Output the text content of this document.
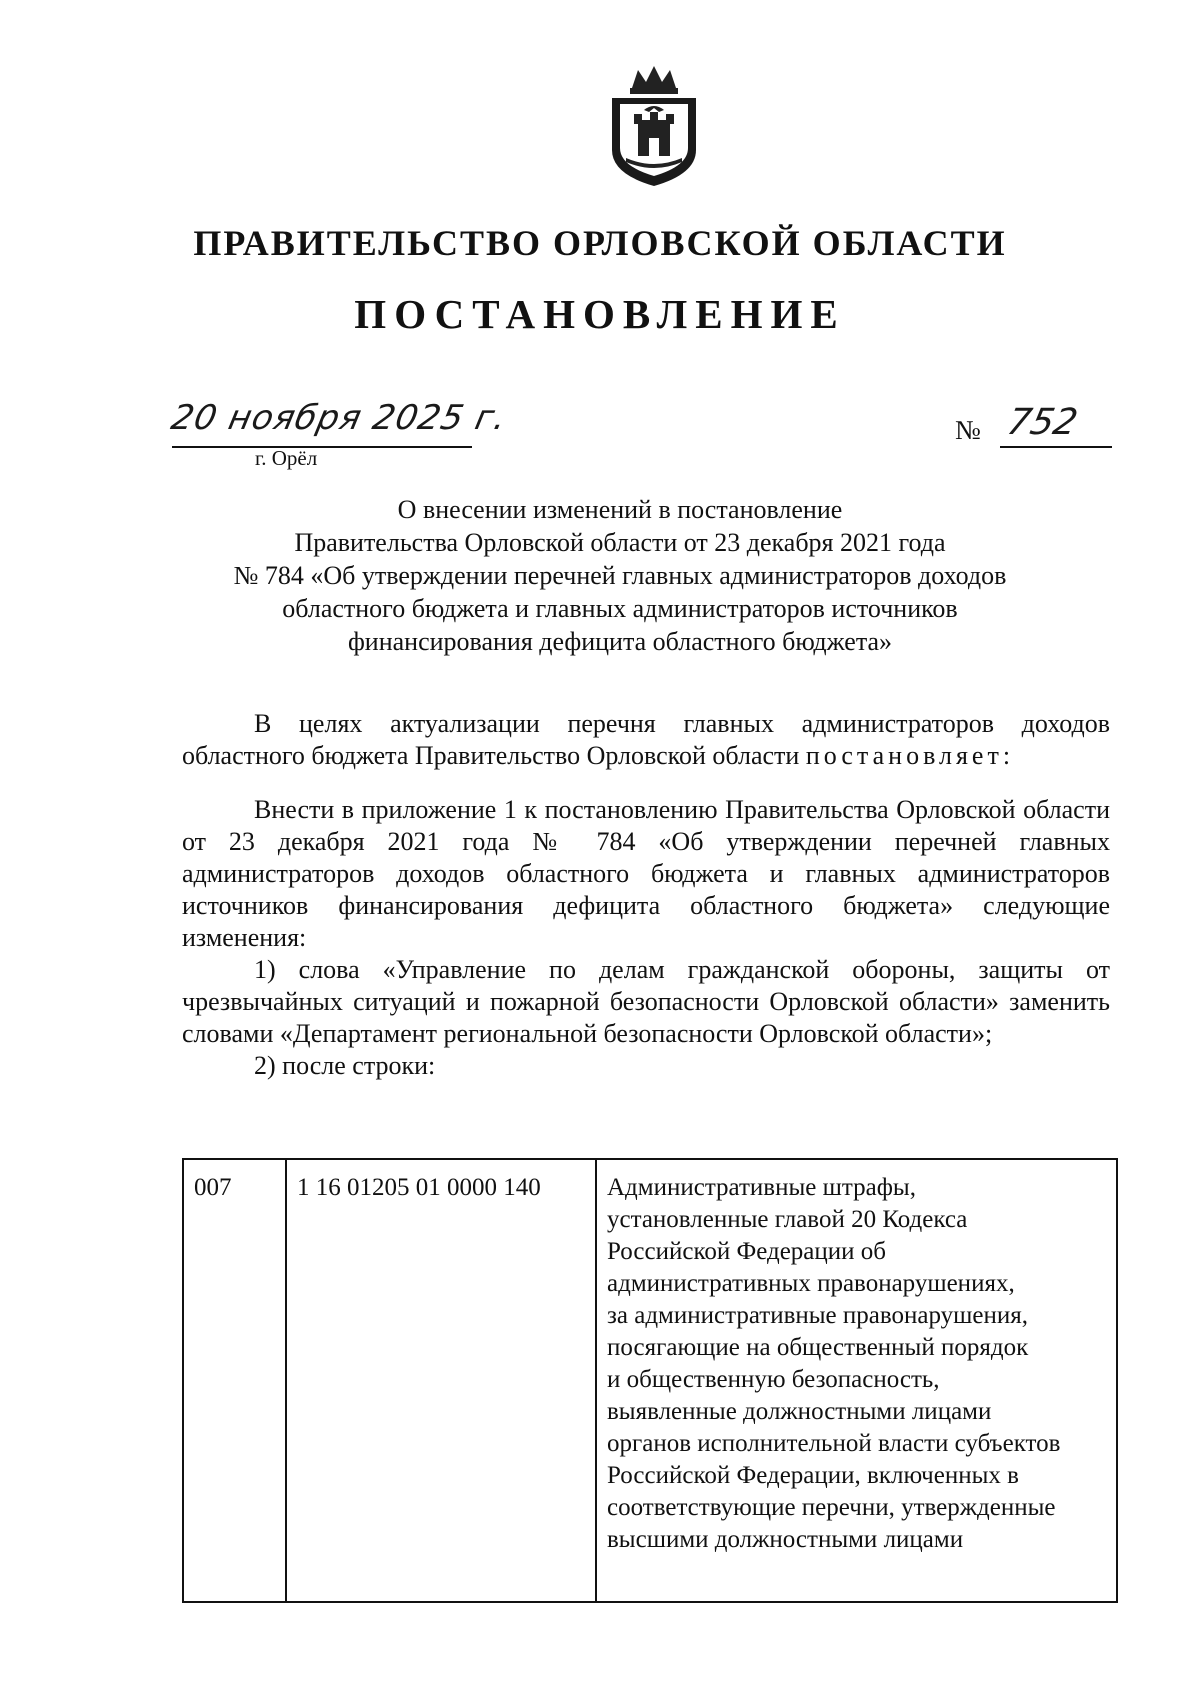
ПРАВИТЕЛЬСТВО ОРЛОВСКОЙ ОБЛАСТИ
ПОСТАНОВЛЕНИЕ
20 ноября 2025 г.
г. Орёл
№ 752
О внесении изменений в постановление
Правительства Орловской области от 23 декабря 2021 года
№ 784 «Об утверждении перечней главных администраторов доходов
областного бюджета и главных администраторов источников
финансирования дефицита областного бюджета»

В целях актуализации перечня главных администраторов доходов областного бюджета Правительство Орловской области постановляет:

Внести в приложение 1 к постановлению Правительства Орловской области от 23 декабря 2021 года № 784 «Об утверждении перечней главных администраторов доходов областного бюджета и главных администраторов источников финансирования дефицита областного бюджета» следующие изменения:

1) слова «Управление по делам гражданской обороны, защиты от чрезвычайных ситуаций и пожарной безопасности Орловской области» заменить словами «Департамент региональной безопасности Орловской области»;

2) после строки:

007	1 16 01205 01 0000 140	Административные штрафы,
установленные главой 20 Кодекса
Российской Федерации об
административных правонарушениях,
за административные правонарушения,
посягающие на общественный порядок
и общественную безопасность,
выявленные должностными лицами
органов исполнительной власти субъектов
Российской Федерации, включенных в
соответствующие перечни, утвержденные
высшими должностными лицами
